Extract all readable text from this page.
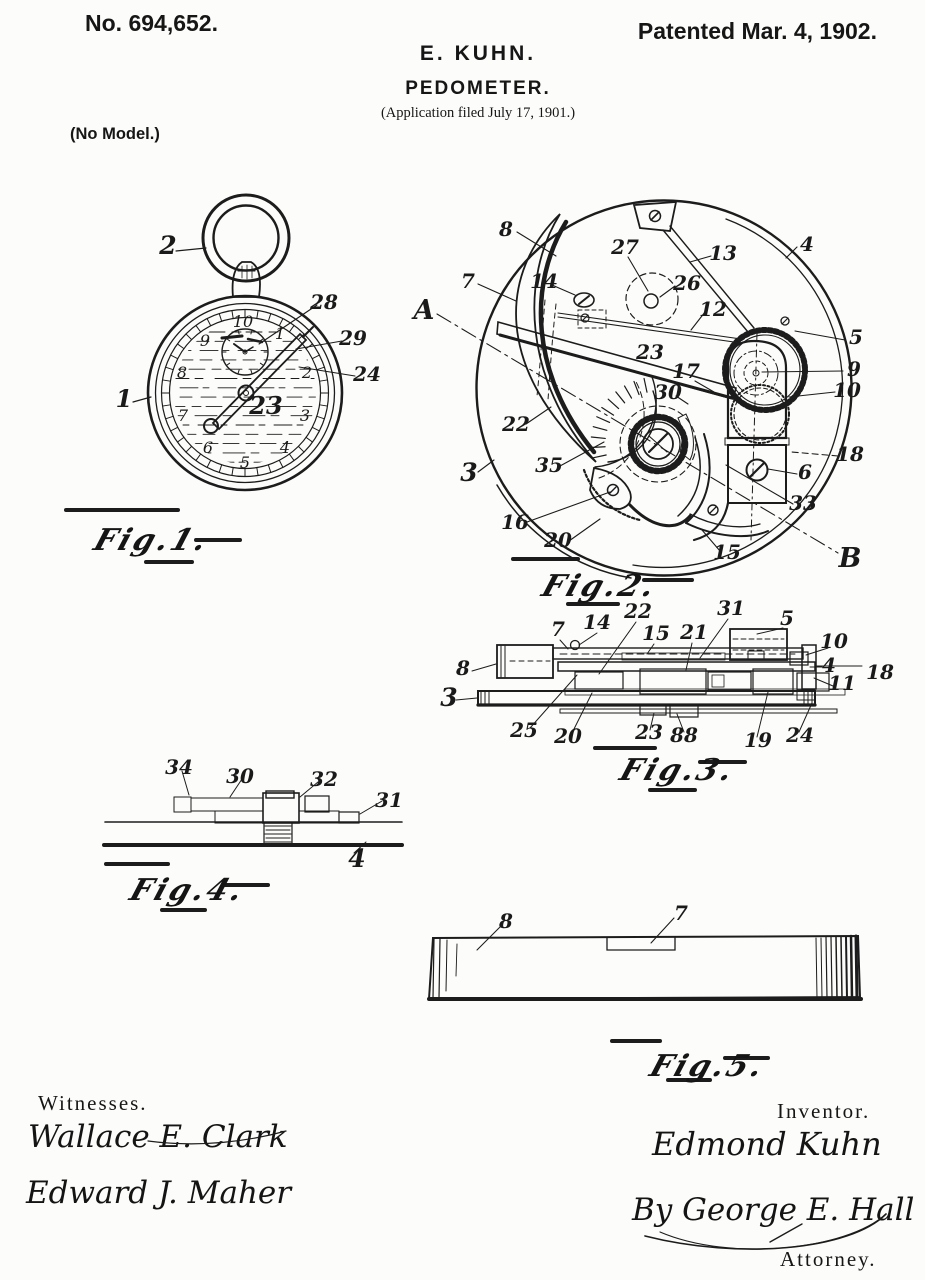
No. 694,652.	Patented Mar. 4, 1902.
E. KUHN.
PEDOMETER.
(Application filed July 17, 1901.)
(No Model.)
Witnesses.
Wallace E. Clark
Edward J. Maher
Inventor.
Edmond Kuhn
By George E. Hall
Attorney.
2
28
29
24
1	23
10
1
2
3
4
5
6
7
8
9
Fig.1.
8
27	13	4
7	14	26
12
5
9
10
23
17
30
22
3	35
16
20	15
33
6
18
A
B
Fig.2.
7 14 22
15 21
31 5
10
8	4 18
11
3
25 20	23 88 19 24
Fig.3.
34 30	32
31
4
Fig.4.
8	7
Fig.5.
